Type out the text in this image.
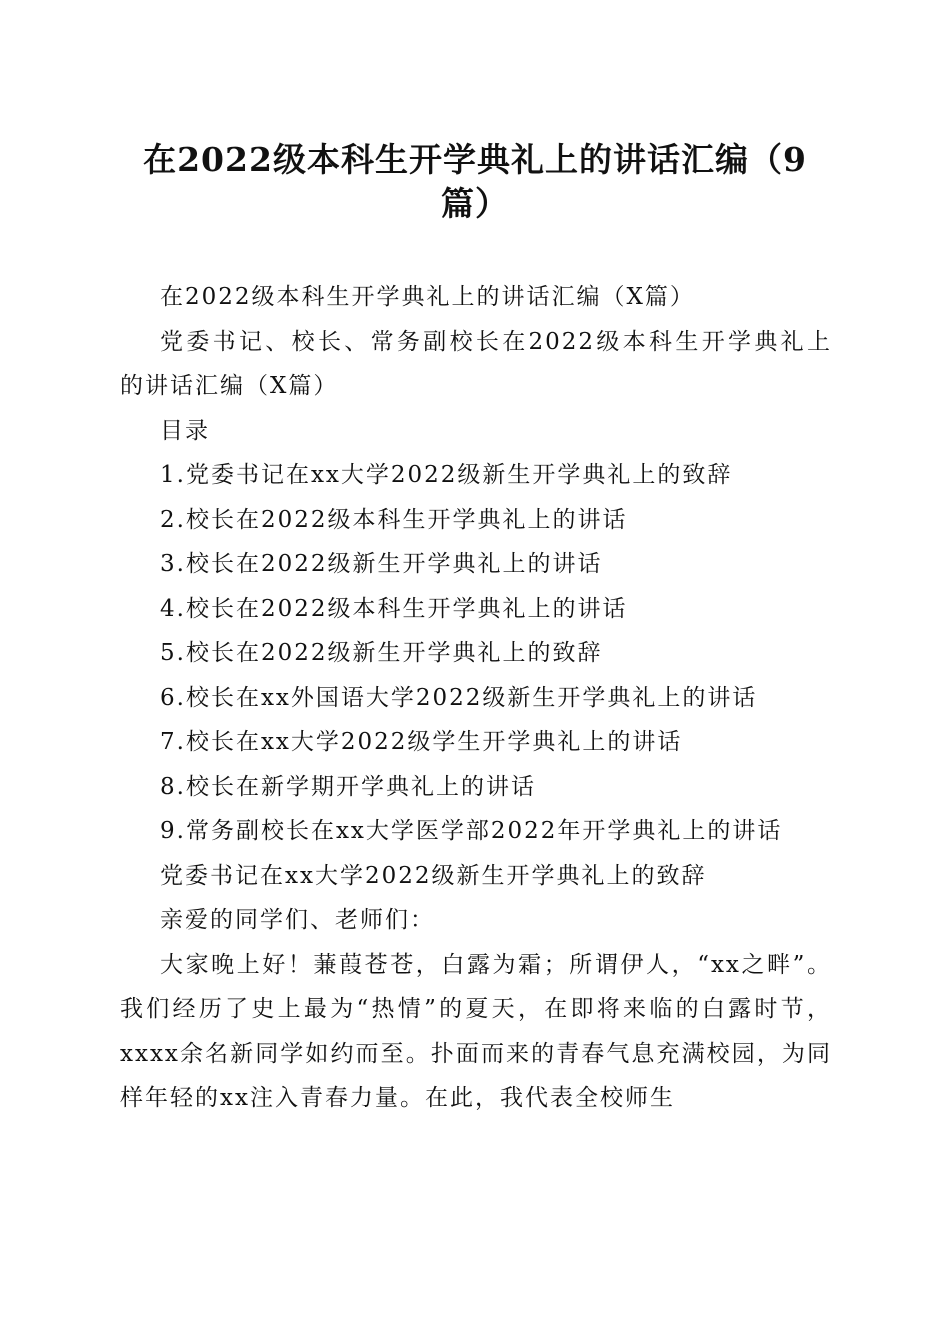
在2022级本科生开学典礼上的讲话汇编（9
篇）

在2022级本科生开学典礼上的讲话汇编（X篇）

党委书记、校长、常务副校长在2022级本科生开学典礼上

的讲话汇编（X篇）

目录

1.党委书记在xx大学2022级新生开学典礼上的致辞

2.校长在2022级本科生开学典礼上的讲话

3.校长在2022级新生开学典礼上的讲话

4.校长在2022级本科生开学典礼上的讲话

5.校长在2022级新生开学典礼上的致辞

6.校长在xx外国语大学2022级新生开学典礼上的讲话

7.校长在xx大学2022级学生开学典礼上的讲话

8.校长在新学期开学典礼上的讲话

9.常务副校长在xx大学医学部2022年开学典礼上的讲话

党委书记在xx大学2022级新生开学典礼上的致辞

亲爱的同学们、老师们：

大家晚上好！蒹葭苍苍，白露为霜；所谓伊人，“xx之畔”。我们经历了史上最为“热情”的夏天，在即将来临的白露时节，xxxx余名新同学如约而至。扑面而来的青春气息充满校园，为同样年轻的xx注入青春力量。在此，我代表全校师生
